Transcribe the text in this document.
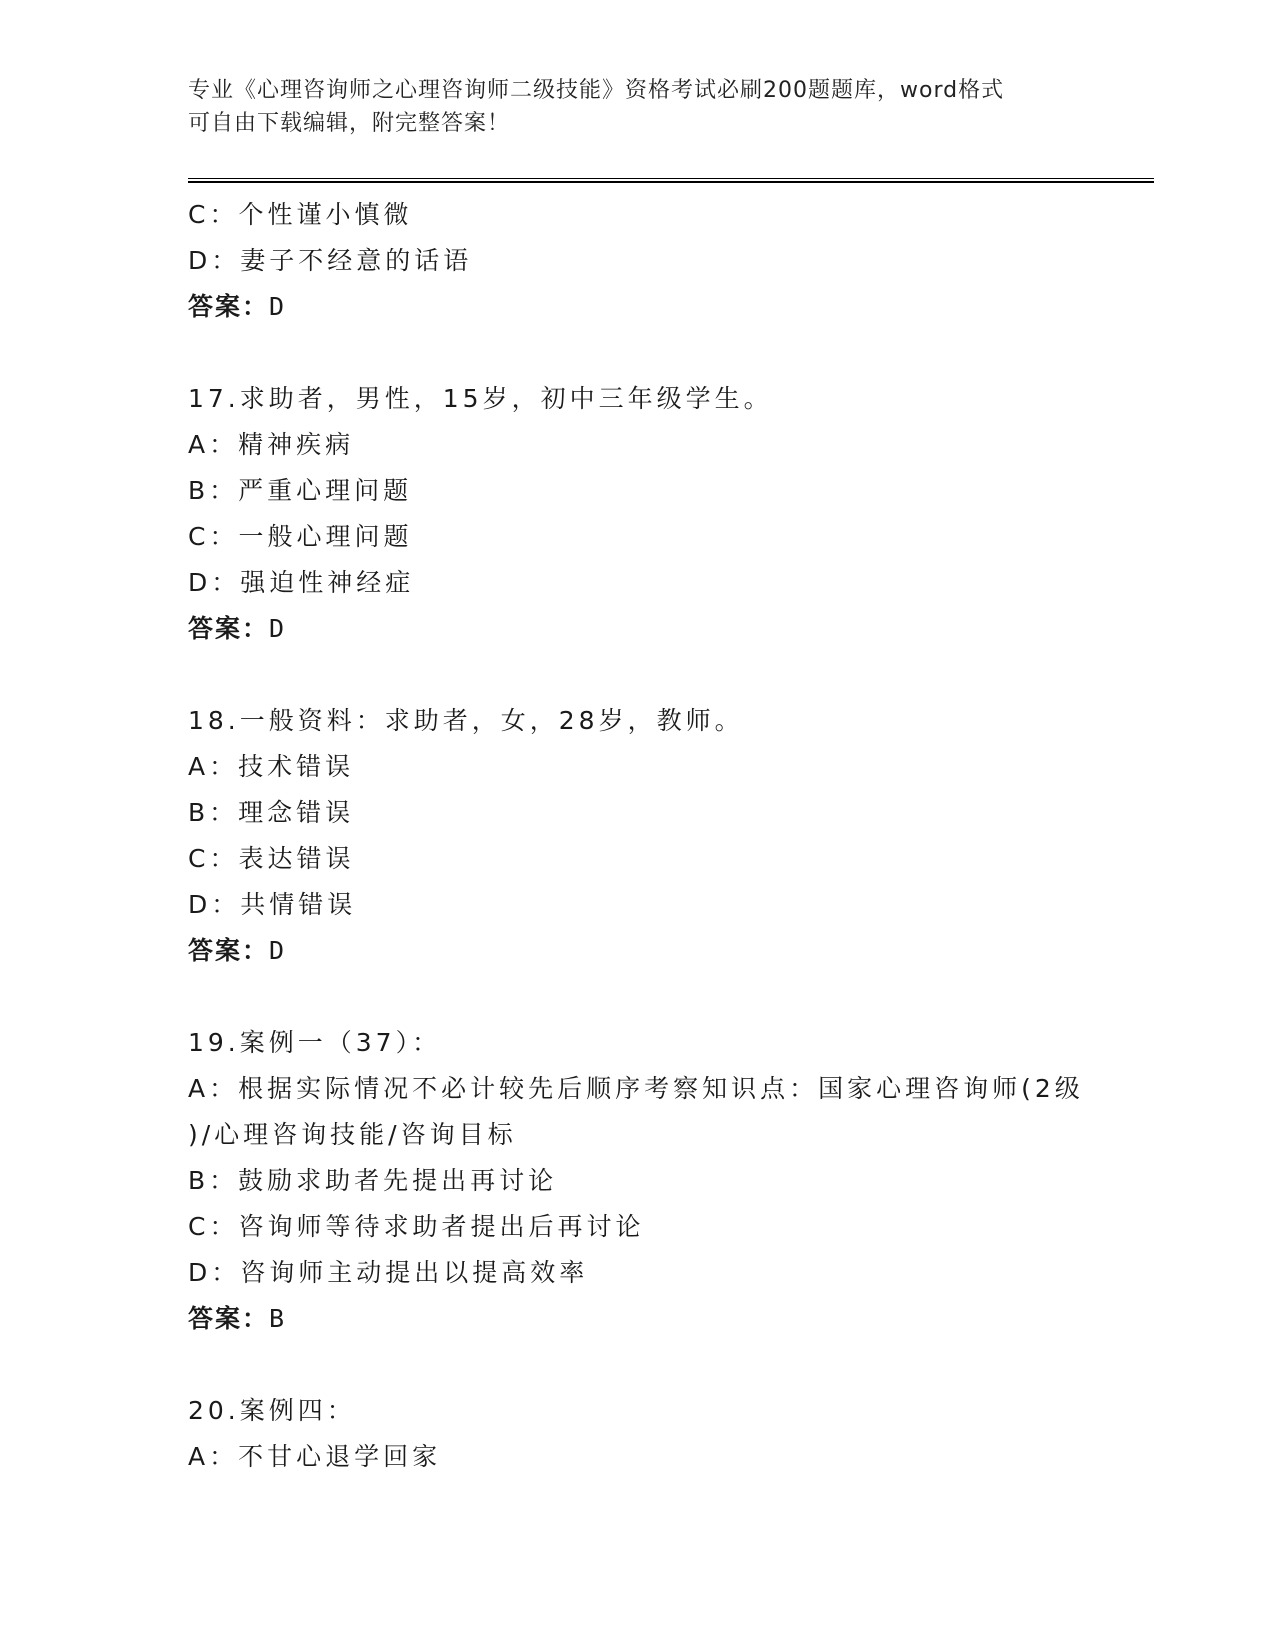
专业《心理咨询师之心理咨询师二级技能》资格考试必刷200题题库，word格式
可自由下载编辑，附完整答案！
C：个性谨小慎微
D：妻子不经意的话语
答案：D
17.求助者，男性，15岁，初中三年级学生。
A：精神疾病
B：严重心理问题
C：一般心理问题
D：强迫性神经症
答案：D
18.一般资料：求助者，女，28岁，教师。
A：技术错误
B：理念错误
C：表达错误
D：共情错误
答案：D
19.案例一（37）：
A：根据实际情况不必计较先后顺序考察知识点：国家心理咨询师(2级
)/心理咨询技能/咨询目标
B：鼓励求助者先提出再讨论
C：咨询师等待求助者提出后再讨论
D：咨询师主动提出以提高效率
答案：B
20.案例四：
A：不甘心退学回家
